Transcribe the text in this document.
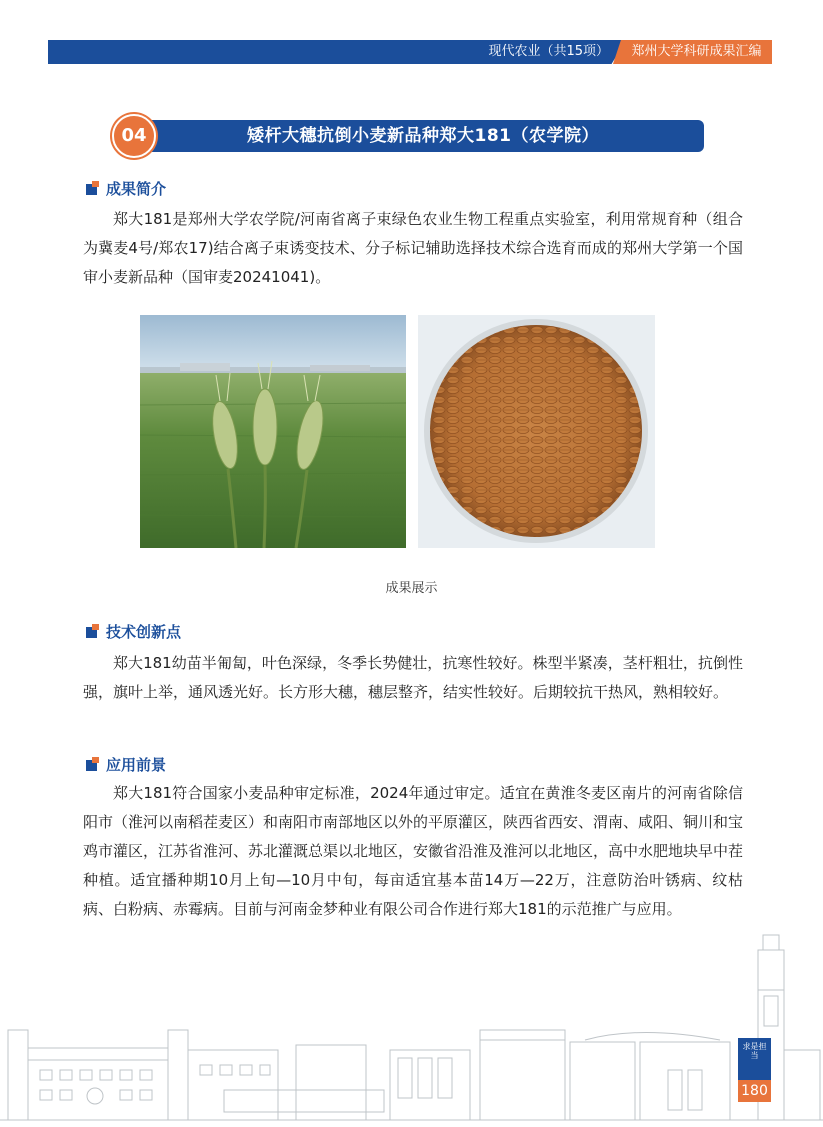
现代农业（共15项）	郑州大学科研成果汇编
矮杆大穗抗倒小麦新品种郑大181（农学院）
04
成果简介
郑大181是郑州大学农学院/河南省离子束绿色农业生物工程重点实验室，利用常规育种（组合为冀麦4号/郑农17)结合离子束诱变技术、分子标记辅助选择技术综合选育而成的郑州大学第一个国审小麦新品种（国审麦20241041)。
成果展示
技术创新点
郑大181幼苗半匍匐，叶色深绿，冬季长势健壮，抗寒性较好。株型半紧凑，茎杆粗壮，抗倒性强，旗叶上举，通风透光好。长方形大穗，穗层整齐，结实性较好。后期较抗干热风，熟相较好。
应用前景
郑大181符合国家小麦品种审定标准，2024年通过审定。适宜在黄淮冬麦区南片的河南省除信阳市（淮河以南稻茬麦区）和南阳市南部地区以外的平原灌区，陕西省西安、渭南、咸阳、铜川和宝鸡市灌区，江苏省淮河、苏北灌溉总渠以北地区，安徽省沿淮及淮河以北地区，高中水肥地块早中茬种植。适宜播种期10月上旬—10月中旬，每亩适宜基本苗14万—22万，注意防治叶锈病、纹枯病、白粉病、赤霉病。目前与河南金梦种业有限公司合作进行郑大181的示范推广与应用。
求是担当
180
